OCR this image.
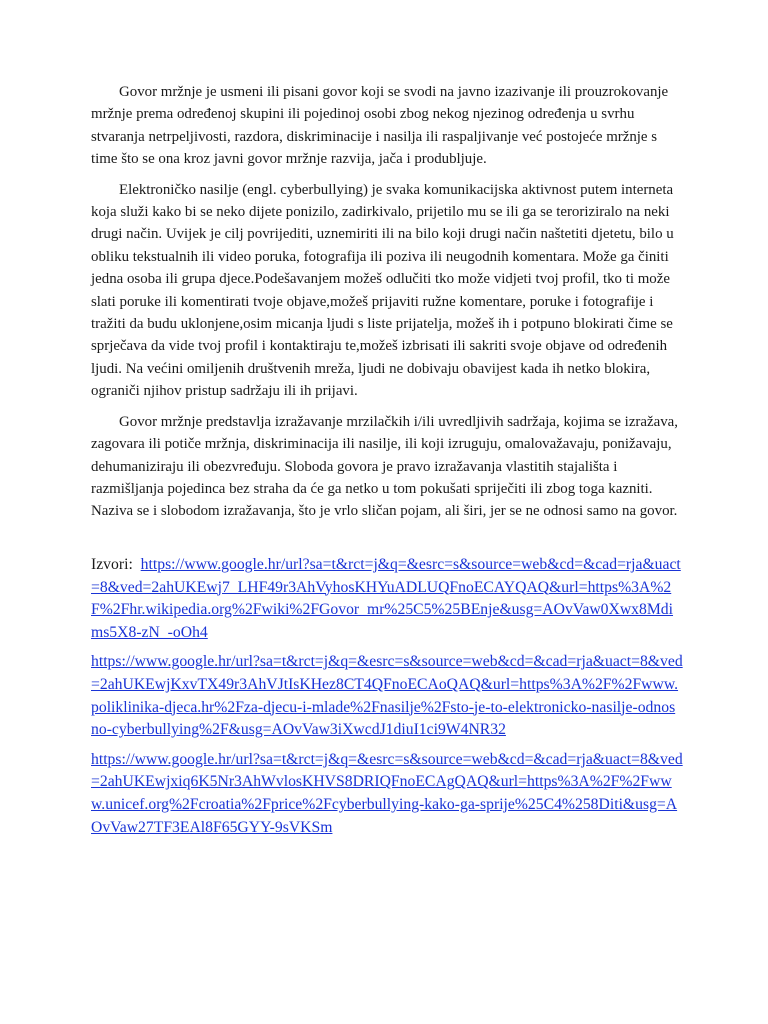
Govor mržnje je usmeni ili pisani govor koji se svodi na javno izazivanje ili prouzrokovanje mržnje prema određenoj skupini ili pojedinoj osobi zbog nekog njezinog određenja u svrhu stvaranja netrpeljivosti, razdora, diskriminacije i nasilja ili raspaljivanje već postojeće mržnje s time što se ona kroz javni govor mržnje razvija, jača i produbljuje.

Elektroničko nasilje (engl. cyberbullying) je svaka komunikacijska aktivnost putem interneta koja služi kako bi se neko dijete ponizilo, zadirkivalo, prijetilo mu se ili ga se teroriziralo na neki drugi način. Uvijek je cilj povrijediti, uznemiriti ili na bilo koji drugi način naštetiti djetetu, bilo u obliku tekstualnih ili video poruka, fotografija ili poziva ili neugodnih komentara. Može ga činiti jedna osoba ili grupa djece.Podešavanjem možeš odlučiti tko može vidjeti tvoj profil, tko ti može slati poruke ili komentirati tvoje objave,možeš prijaviti ružne komentare, poruke i fotografije i tražiti da budu uklonjene,osim micanja ljudi s liste prijatelja, možeš ih i potpuno blokirati čime se sprječava da vide tvoj profil i kontaktiraju te,možeš izbrisati ili sakriti svoje objave od određenih ljudi. Na većini omiljenih društvenih mreža, ljudi ne dobivaju obavijest kada ih netko blokira, ograniči njihov pristup sadržaju ili ih prijavi.

Govor mržnje predstavlja izražavanje mrzilačkih i/ili uvredljivih sadržaja, kojima se izražava, zagovara ili potiče mržnja, diskriminacija ili nasilje, ili koji izruguju, omalovažavaju, ponižavaju, dehumaniziraju ili obezvređuju. Sloboda govora je pravo izražavanja vlastitih stajališta i razmišljanja pojedinca bez straha da će ga netko u tom pokušati spriječiti ili zbog toga kazniti. Naziva se i slobodom izražavanja, što je vrlo sličan pojam, ali širi, jer se ne odnosi samo na govor.

Izvori: https://www.google.hr/url?sa=t&rct=j&q=&esrc=s&source=web&cd=&cad=rja&uact=8&ved=2ahUKEwj7_LHF49r3AhVyhosKHYuADLUQFnoECAYQAQ&url=https%3A%2F%2Fhr.wikipedia.org%2Fwiki%2FGovor_mr%25C5%25BEnje&usg=AOvVaw0Xwx8Mdims5X8-zN_-oOh4
https://www.google.hr/url?sa=t&rct=j&q=&esrc=s&source=web&cd=&cad=rja&uact=8&ved=2ahUKEwjKxvTX49r3AhVJtIsKHez8CT4QFnoECAoQAQ&url=https%3A%2F%2Fwww.poliklinika-djeca.hr%2Fza-djecu-i-mlade%2Fnasilje%2Fsto-je-to-elektronicko-nasilje-odnosno-cyberbullying%2F&usg=AOvVaw3iXwcdJ1diuI1ci9W4NR32
https://www.google.hr/url?sa=t&rct=j&q=&esrc=s&source=web&cd=&cad=rja&uact=8&ved=2ahUKEwjxiq6K5Nr3AhWvlosKHVS8DRIQFnoECAgQAQ&url=https%3A%2F%2Fwww.unicef.org%2Fcroatia%2Fprice%2Fcyberbullying-kako-ga-sprije%25C4%258Diti&usg=AOvVaw27TF3EAl8F65GYY-9sVKSm
